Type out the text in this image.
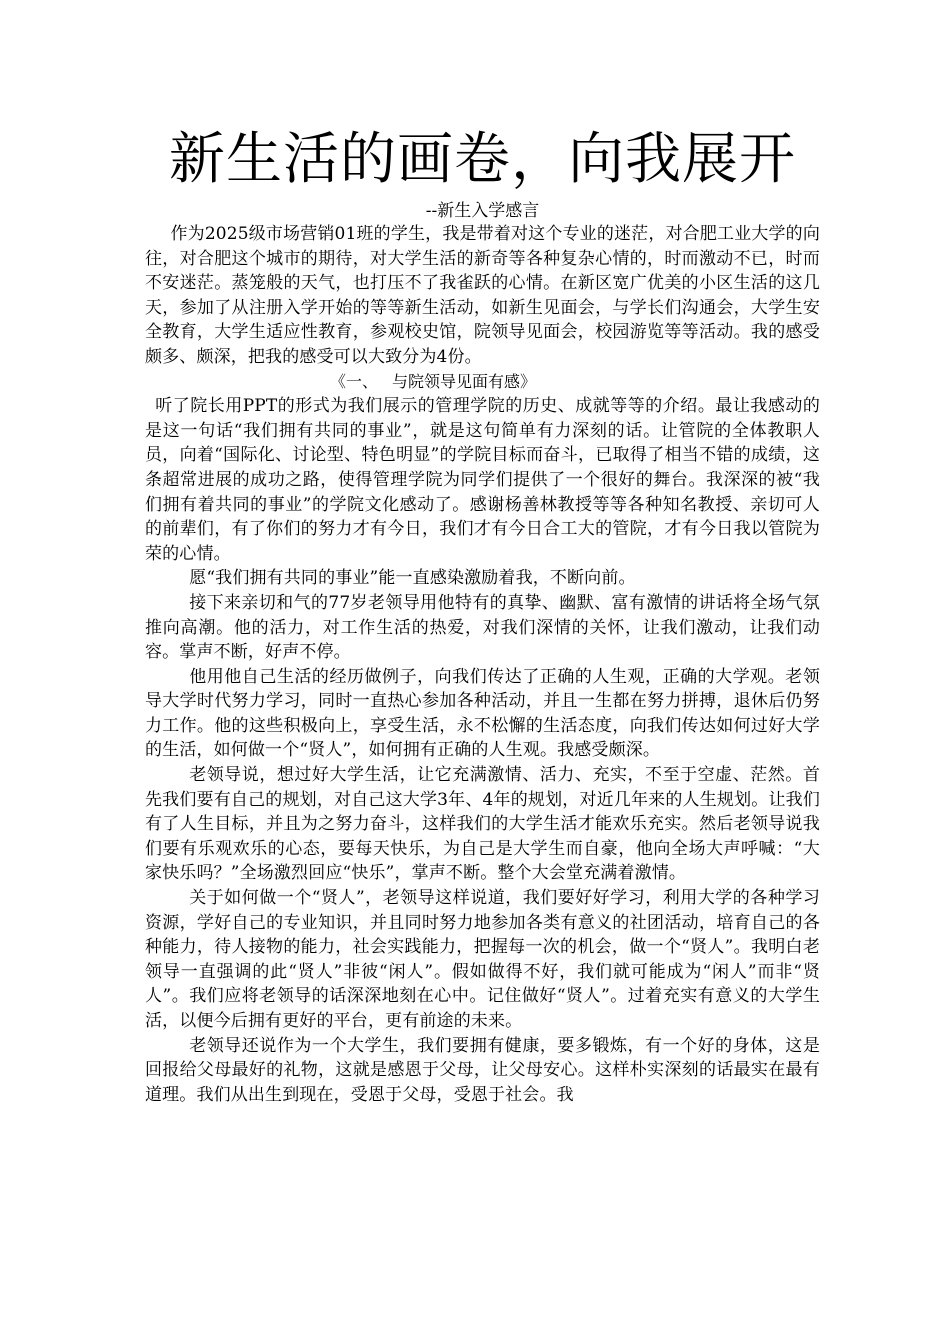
新生活的画卷，向我展开

--新生入学感言

作为2025级市场营销01班的学生，我是带着对这个专业的迷茫，对合肥工业大学的向往，对合肥这个城市的期待，对大学生活的新奇等各种复杂心情的，时而激动不已，时而不安迷茫。蒸笼般的天气，也打压不了我雀跃的心情。在新区宽广优美的小区生活的这几天，参加了从注册入学开始的等等新生活动，如新生见面会，与学长们沟通会，大学生安全教育，大学生适应性教育，参观校史馆，院领导见面会，校园游览等等活动。我的感受颇多、颇深，把我的感受可以大致分为4份。

《一、 与院领导见面有感》

听了院长用PPT的形式为我们展示的管理学院的历史、成就等等的介绍。最让我感动的是这一句话“我们拥有共同的事业”，就是这句简单有力深刻的话。让管院的全体教职人员，向着“国际化、讨论型、特色明显”的学院目标而奋斗，已取得了相当不错的成绩，这条超常进展的成功之路，使得管理学院为同学们提供了一个很好的舞台。我深深的被“我们拥有着共同的事业”的学院文化感动了。感谢杨善林教授等等各种知名教授、亲切可人的前辈们，有了你们的努力才有今日，我们才有今日合工大的管院，才有今日我以管院为荣的心情。

愿“我们拥有共同的事业”能一直感染激励着我，不断向前。

接下来亲切和气的77岁老领导用他特有的真挚、幽默、富有激情的讲话将全场气氛推向高潮。他的活力，对工作生活的热爱，对我们深情的关怀，让我们激动，让我们动容。掌声不断，好声不停。

他用他自己生活的经历做例子，向我们传达了正确的人生观，正确的大学观。老领导大学时代努力学习，同时一直热心参加各种活动，并且一生都在努力拼搏，退休后仍努力工作。他的这些积极向上，享受生活，永不松懈的生活态度，向我们传达如何过好大学的生活，如何做一个“贤人”，如何拥有正确的人生观。我感受颇深。

老领导说，想过好大学生活，让它充满激情、活力、充实，不至于空虚、茫然。首先我们要有自己的规划，对自己这大学3年、4年的规划，对近几年来的人生规划。让我们有了人生目标，并且为之努力奋斗，这样我们的大学生活才能欢乐充实。然后老领导说我们要有乐观欢乐的心态，要每天快乐，为自己是大学生而自豪，他向全场大声呼喊：“大家快乐吗？”全场激烈回应“快乐”，掌声不断。整个大会堂充满着激情。

关于如何做一个“贤人”，老领导这样说道，我们要好好学习，利用大学的各种学习资源，学好自己的专业知识，并且同时努力地参加各类有意义的社团活动，培育自己的各种能力，待人接物的能力，社会实践能力，把握每一次的机会，做一个“贤人”。我明白老领导一直强调的此“贤人”非彼“闲人”。假如做得不好，我们就可能成为“闲人”而非“贤人”。我们应将老领导的话深深地刻在心中。记住做好“贤人”。过着充实有意义的大学生活，以便今后拥有更好的平台，更有前途的未来。

老领导还说作为一个大学生，我们要拥有健康，要多锻炼，有一个好的身体，这是回报给父母最好的礼物，这就是感恩于父母，让父母安心。这样朴实深刻的话最实在最有道理。我们从出生到现在，受恩于父母，受恩于社会。我
